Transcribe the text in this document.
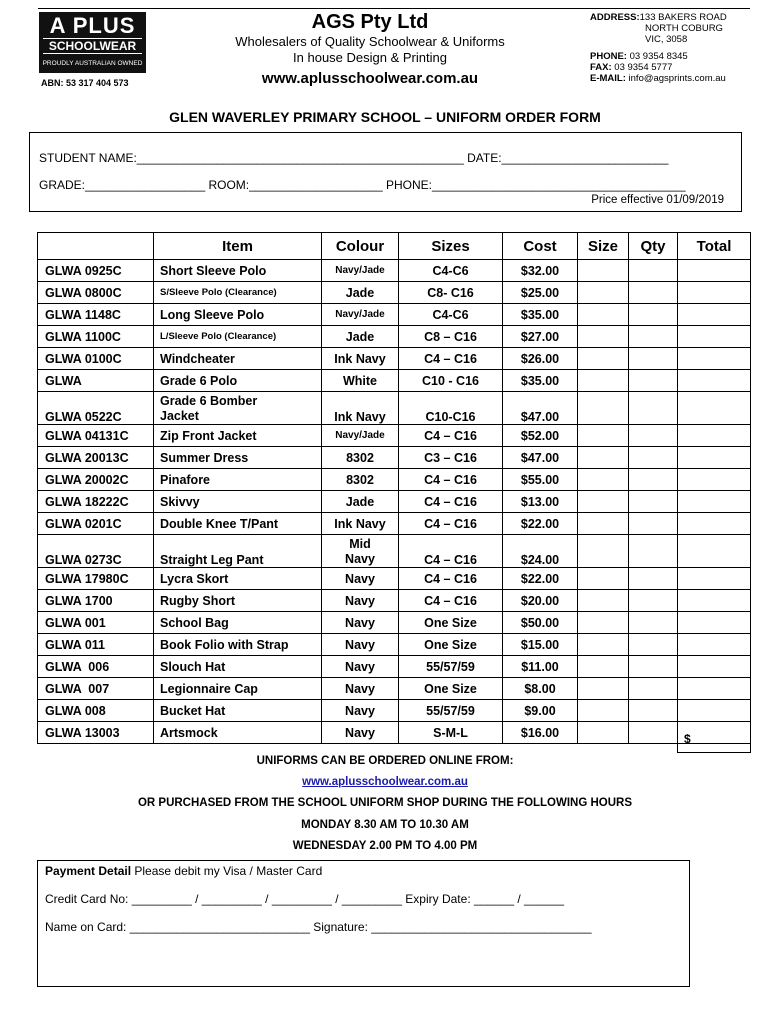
A PLUS
SCHOOLWEAR
PROUDLY AUSTRALIAN OWNED
ABN: 53 317 404 573
AGS Pty Ltd
Wholesalers of Quality Schoolwear & Uniforms
In house Design & Printing
www.aplusschoolwear.com.au
ADDRESS:133 BAKERS ROAD
NORTH COBURG
VIC, 3058
PHONE: 03 9354 8345
FAX: 03 9354 5777
E-MAIL: info@agsprints.com.au
GLEN WAVERLEY PRIMARY SCHOOL – UNIFORM ORDER FORM
STUDENT NAME:_________________________________________________ DATE:_________________________
GRADE:__________________ ROOM:____________________ PHONE:______________________________________
Price effective 01/09/2019
	Item	Colour	Sizes	Cost	Size	Qty	Total
GLWA 0925C	Short Sleeve Polo	Navy/Jade	C4-C6	$32.00			
GLWA 0800C	S/Sleeve Polo (Clearance)	Jade	C8- C16	$25.00			
GLWA 1148C	Long Sleeve Polo	Navy/Jade	C4-C6	$35.00			
GLWA 1100C	L/Sleeve Polo (Clearance)	Jade	C8 – C16	$27.00			
GLWA 0100C	Windcheater	Ink Navy	C4 – C16	$26.00			
GLWA	Grade 6 Polo	White	C10 - C16	$35.00			
GLWA 0522C	Grade 6 Bomber
Jacket	Ink Navy	C10-C16	$47.00			
GLWA 04131C	Zip Front Jacket	Navy/Jade	C4 – C16	$52.00			
GLWA 20013C	Summer Dress	8302	C3 – C16	$47.00			
GLWA 20002C	Pinafore	8302	C4 – C16	$55.00			
GLWA 18222C	Skivvy	Jade	C4 – C16	$13.00			
GLWA 0201C	Double Knee T/Pant	Ink Navy	C4 – C16	$22.00			
GLWA 0273C	Straight Leg Pant	Mid
Navy	C4 – C16	$24.00			
GLWA 17980C	Lycra Skort	Navy	C4 – C16	$22.00			
GLWA 1700	Rugby Short	Navy	C4 – C16	$20.00			
GLWA 001	School Bag	Navy	One Size	$50.00			
GLWA 011	Book Folio with Strap	Navy	One Size	$15.00			
GLWA  006	Slouch Hat	Navy	55/57/59	$11.00			
GLWA  007	Legionnaire Cap	Navy	One Size	$8.00			
GLWA 008	Bucket Hat	Navy	55/57/59	$9.00			
GLWA 13003	Artsmock	Navy	S-M-L	$16.00				$
UNIFORMS CAN BE ORDERED ONLINE FROM:
www.aplusschoolwear.com.au
OR PURCHASED FROM THE SCHOOL UNIFORM SHOP DURING THE FOLLOWING HOURS
MONDAY 8.30 AM TO 10.30 AM
WEDNESDAY 2.00 PM TO 4.00 PM
Payment Detail Please debit my Visa / Master Card
Credit Card No: _________ / _________ / _________ / _________ Expiry Date: ______ / ______
Name on Card: ___________________________ Signature: _________________________________
